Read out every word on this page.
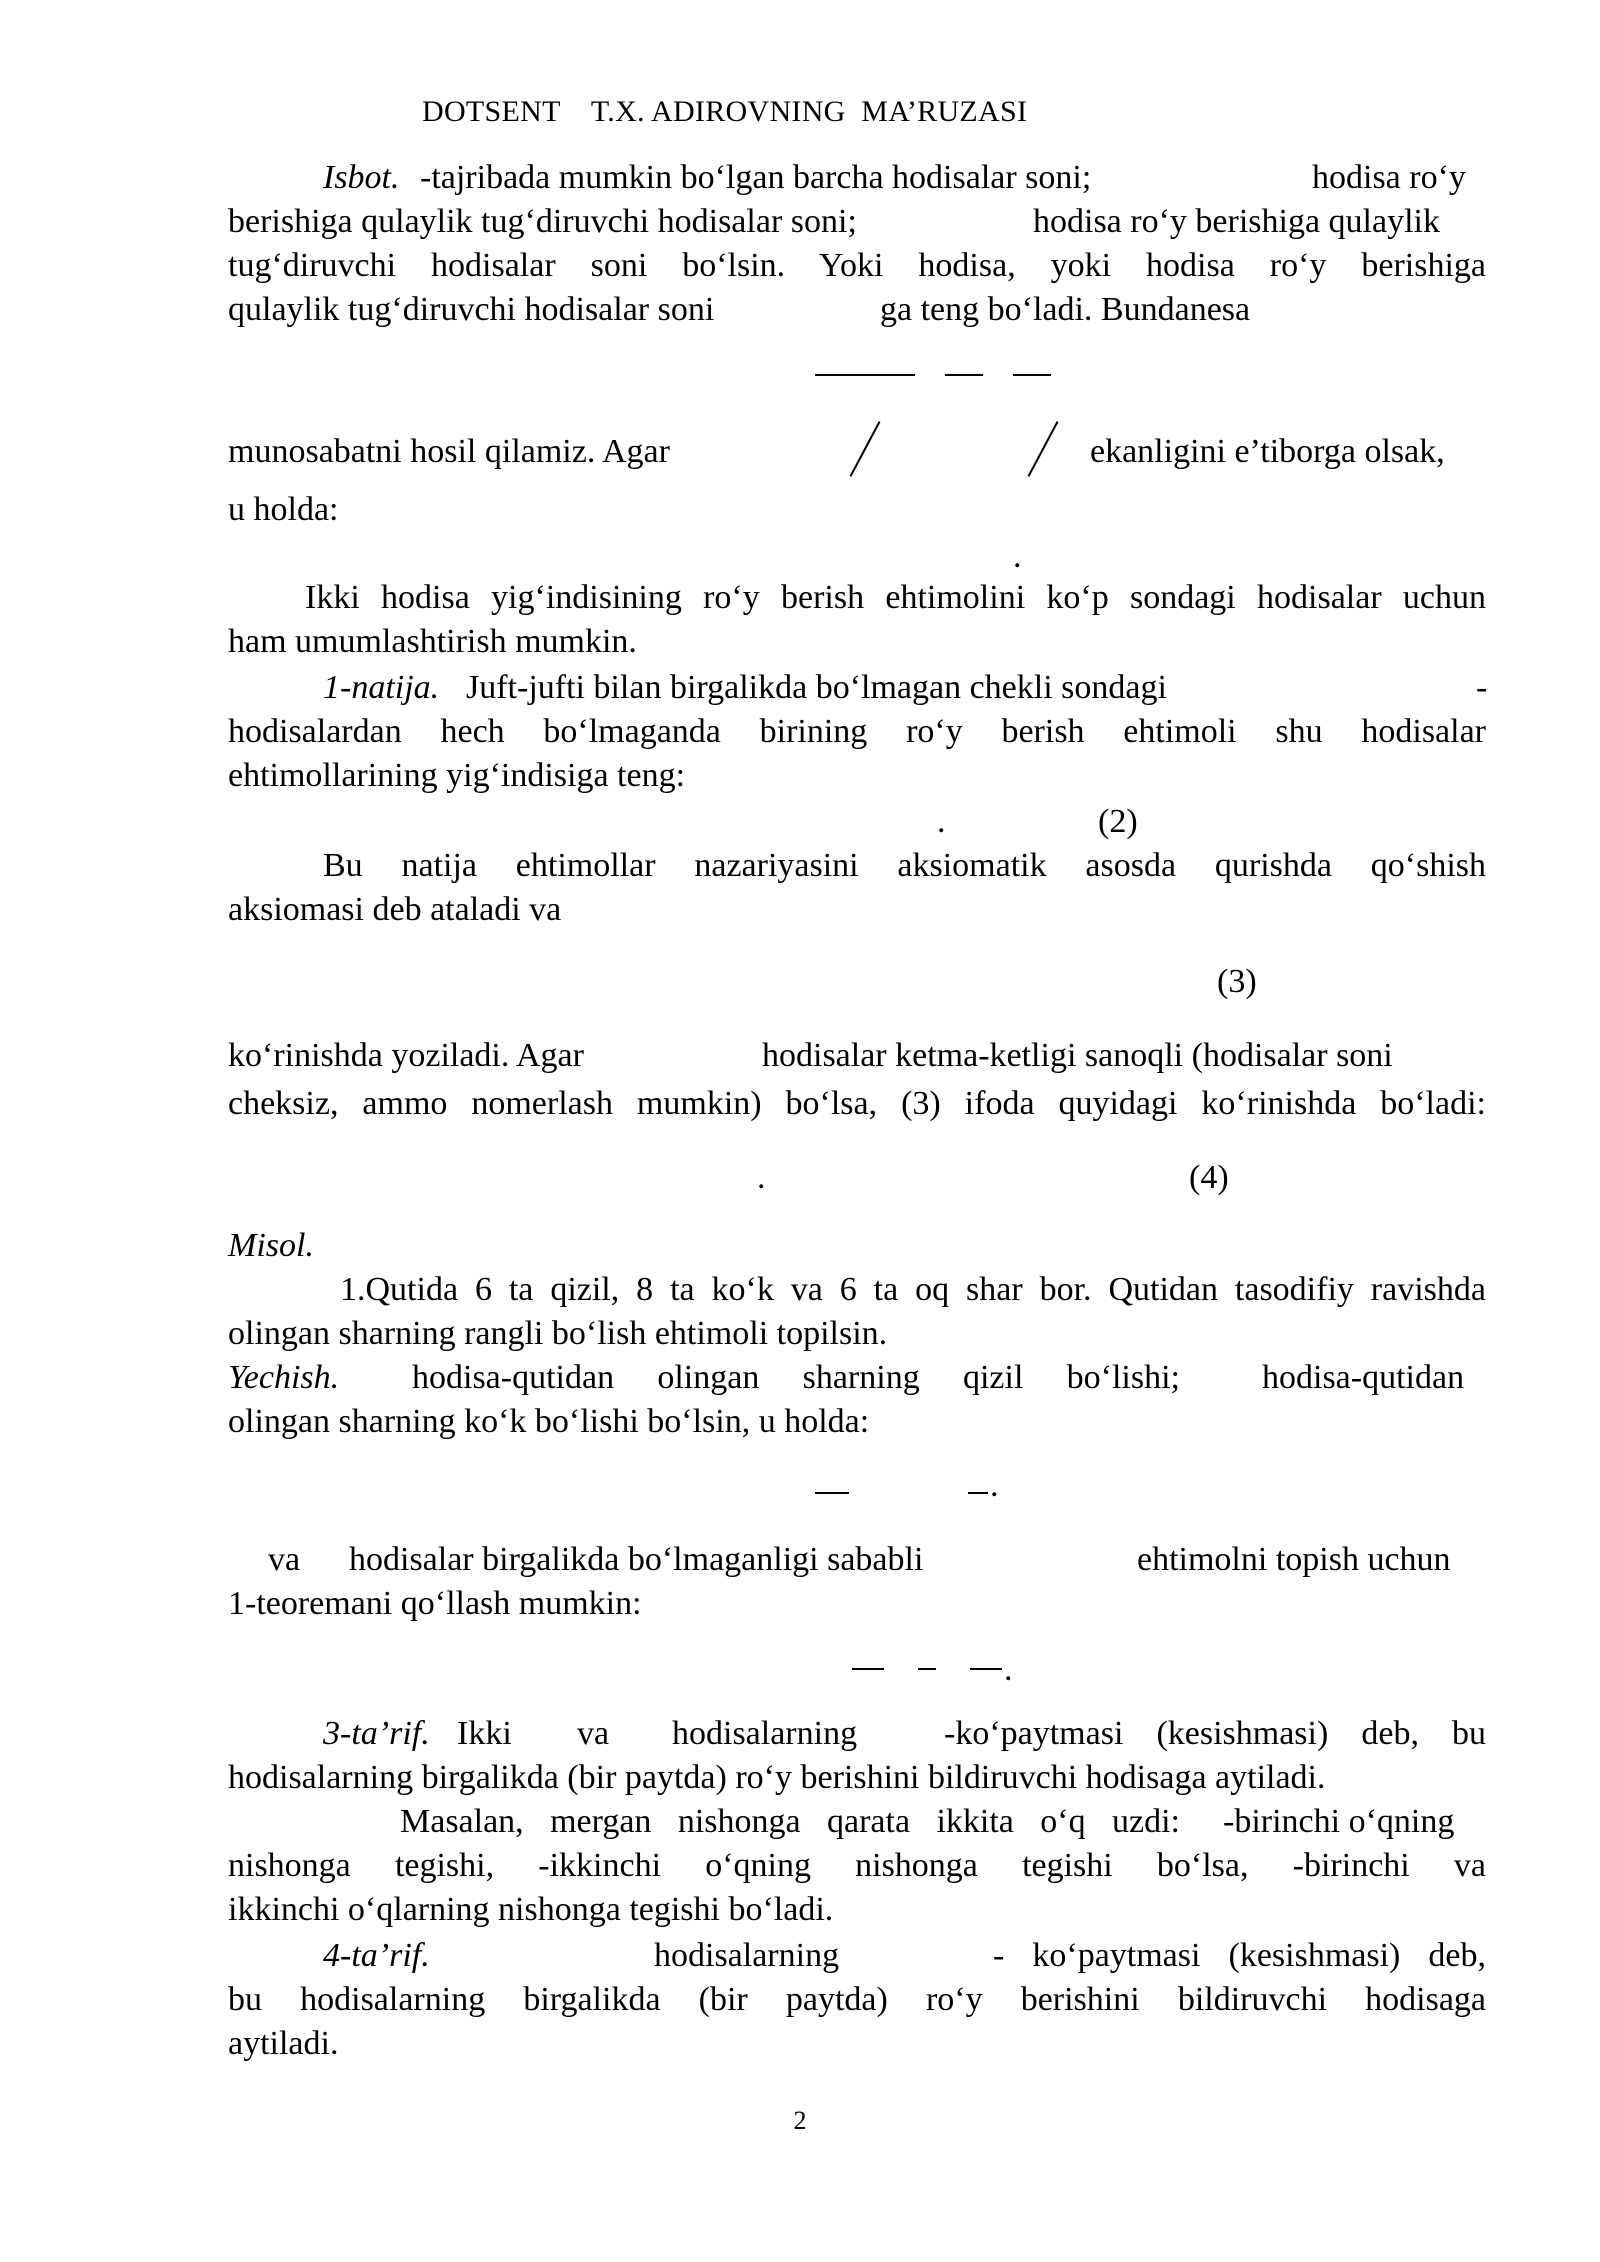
DOTSENT    T.X. ADIROVNING  MA’RUZASI
Isbot. -tajribada mumkin bo‘lgan barcha hodisalar soni;	hodisa ro‘y
berishiga qulaylik tug‘diruvchi hodisalar soni;	hodisa ro‘y berishiga qulaylik
tug‘diruvchi hodisalar soni bo‘lsin. Yoki hodisa, yoki hodisa ro‘y berishiga
qulaylik tug‘diruvchi hodisalar soni	ga teng bo‘ladi. Bundanesa
munosabatni hosil qilamiz. Agar	ekanligini e’tiborga olsak,
u holda:
.
Ikki hodisa yig‘indisining ro‘y berish ehtimolini ko‘p sondagi hodisalar uchun
ham umumlashtirish mumkin.
1-natija. Juft-jufti bilan birgalikda bo‘lmagan chekli sondagi	-
hodisalardan hech bo‘lmaganda birining ro‘y berish ehtimoli shu hodisalar
ehtimollarining yig‘indisiga teng:
.	(2)
Bu natija ehtimollar nazariyasini aksiomatik asosda qurishda qo‘shish
aksiomasi deb ataladi va
(3)
ko‘rinishda yoziladi. Agar	hodisalar ketma-ketligi sanoqli (hodisalar soni
cheksiz, ammo nomerlash mumkin) bo‘lsa, (3) ifoda quyidagi ko‘rinishda bo‘ladi:
.	(4)
Misol.
1.Qutida 6 ta qizil, 8 ta ko‘k va 6 ta oq shar bor. Qutidan tasodifiy ravishda
olingan sharning rangli bo‘lish ehtimoli topilsin.
Yechish. hodisa-qutidan olingan sharning qizil bo‘lishi; hodisa-qutidan
olingan sharning ko‘k bo‘lishi bo‘lsin, u holda:
.
va hodisalar birgalikda bo‘lmaganligi sababli	ehtimolni topish uchun
1-teoremani qo‘llash mumkin:
.
3-ta’rif. Ikki va hodisalarning	-ko‘paytmasi (kesishmasi) deb, bu
hodisalarning birgalikda (bir paytda) ro‘y berishini bildiruvchi hodisaga aytiladi.
Masalan, mergan nishonga qarata ikkita o‘q uzdi: -birinchi o‘qning
nishonga tegishi, -ikkinchi o‘qning nishonga tegishi bo‘lsa, -birinchi va
ikkinchi o‘qlarning nishonga tegishi bo‘ladi.
4-ta’rif.	hodisalarning	- ko‘paytmasi (kesishmasi) deb,
bu hodisalarning birgalikda (bir paytda) ro‘y berishini bildiruvchi hodisaga
aytiladi.
2
